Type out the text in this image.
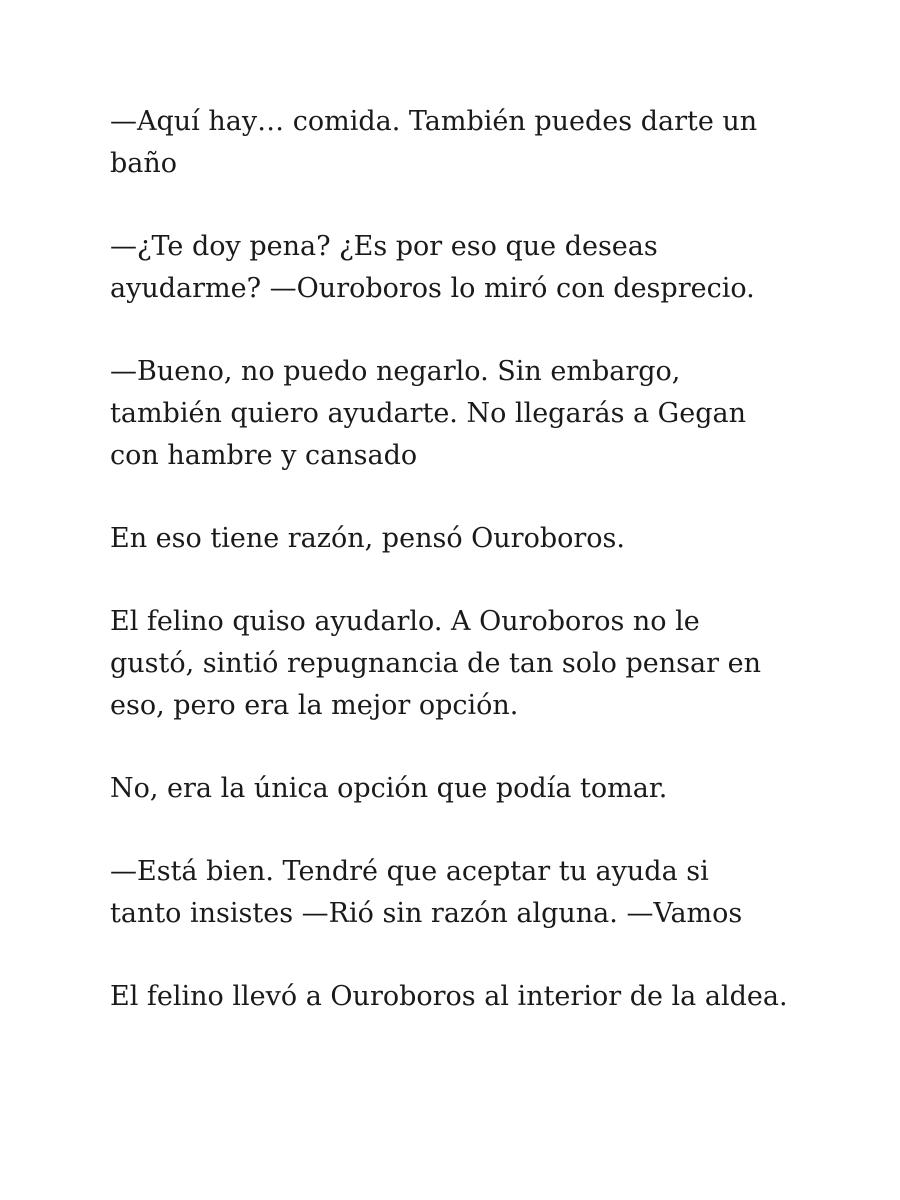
—Aquí hay… comida. También puedes darte un
baño

—¿Te doy pena? ¿Es por eso que deseas
ayudarme? —Ouroboros lo miró con desprecio.

—Bueno, no puedo negarlo. Sin embargo,
también quiero ayudarte. No llegarás a Gegan
con hambre y cansado

En eso tiene razón, pensó Ouroboros.

El felino quiso ayudarlo. A Ouroboros no le
gustó, sintió repugnancia de tan solo pensar en
eso, pero era la mejor opción.

No, era la única opción que podía tomar.

—Está bien. Tendré que aceptar tu ayuda si
tanto insistes —Rió sin razón alguna. —Vamos

El felino llevó a Ouroboros al interior de la aldea.
